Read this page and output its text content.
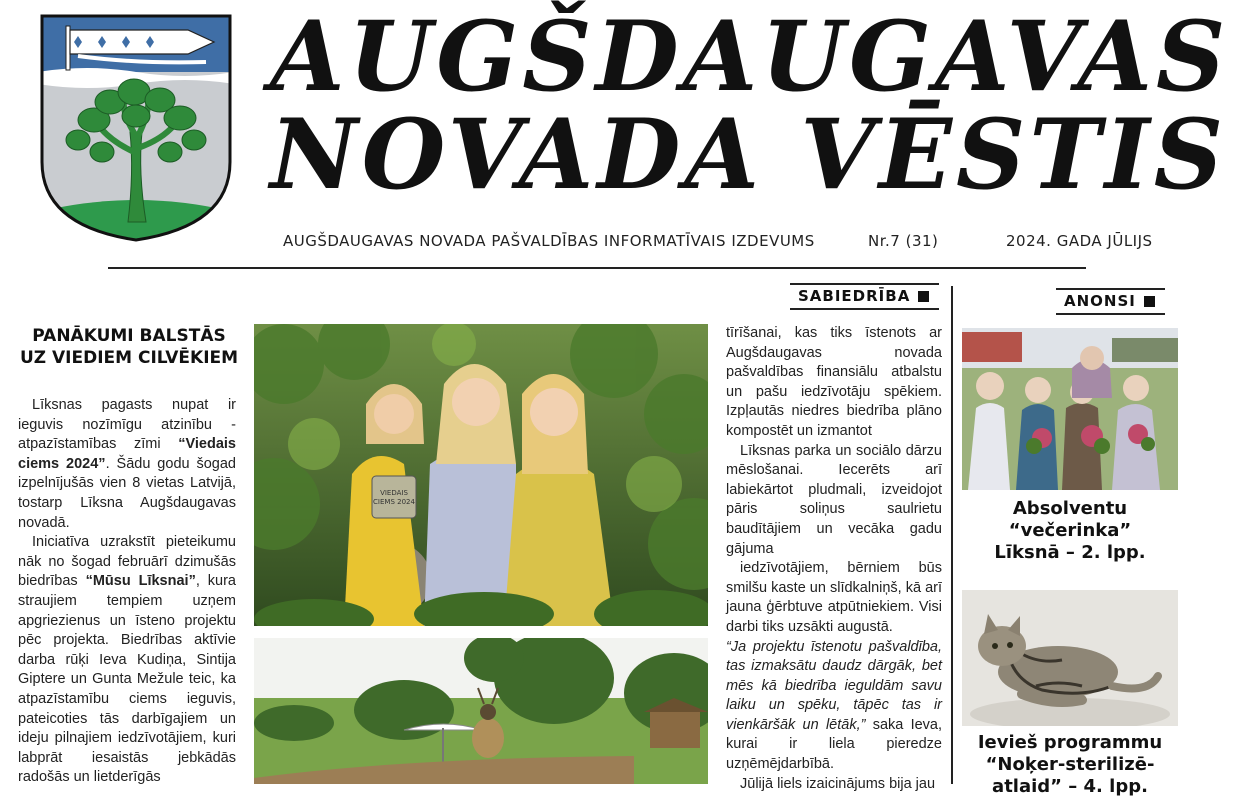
AUGŠDAUGAVAS
NOVADA VĒSTIS
AUGŠDAUGAVAS NOVADA PAŠVALDĪBAS INFORMATĪVAIS IZDEVUMS	Nr.7 (31)	2024. GADA JŪLIJS
SABIEDRĪBA	ANONSI
PANĀKUMI BALSTĀS UZ VIEDIEM CILVĒKIEM

Līksnas pagasts nupat ir ieguvis nozīmīgu atzinību - atpazīstamības zīmi “Viedais ciems 2024”. Šādu godu šogad izpelnījušās vien 8 vietas Latvijā, tostarp Līksna Augšdaugavas novadā.

Iniciatīva uzrakstīt pieteikumu nāk no šogad februārī dzimušās biedrības “Mūsu Līksnai”, kura straujiem tempiem uzņem apgriezienus un īsteno projektu pēc projekta. Biedrības aktīvie darba rūķi Ieva Kudiņa, Sintija Giptere un Gunta Mežule teic, ka atpazīstamību ciems ieguvis, pateicoties tās darbīgajiem un ideju pilnajiem iedzīvotājiem, kuri labprāt iesaistās jebkādās radošās un lietderīgās

VIEDAIS CIEMS 2024

tīrīšanai, kas tiks īstenots ar Augšdaugavas novada pašvaldības finansiālu atbalstu un pašu iedzīvotāju spēkiem. Izpļautās niedres biedrība plāno kompostēt un izmantot

Līksnas parka un sociālo dārzu mēslošanai. Iecerēts arī labiekārtot pludmali, izveidojot pāris soliņus saulrietu baudītājiem un vecāka gadu gājuma

iedzīvotājiem, bērniem būs smilšu kaste un slīdkalniņš, kā arī jauna ģērbtuve atpūtniekiem. Visi darbi tiks uzsākti augustā.

“Ja projektu īstenotu pašvaldība, tas izmaksātu daudz dārgāk, bet mēs kā biedrība ieguldām savu laiku un spēku, tāpēc tas ir vienkāršāk un lētāk,” saka Ieva, kurai ir liela pieredze uzņēmējdarbībā.

Jūlijā liels izaicinājums bija jau

Absolventu “večerinka” Līksnā – 2. lpp.
Ievieš programmu “Noķer-sterilizē-atlaid” – 4. lpp.
